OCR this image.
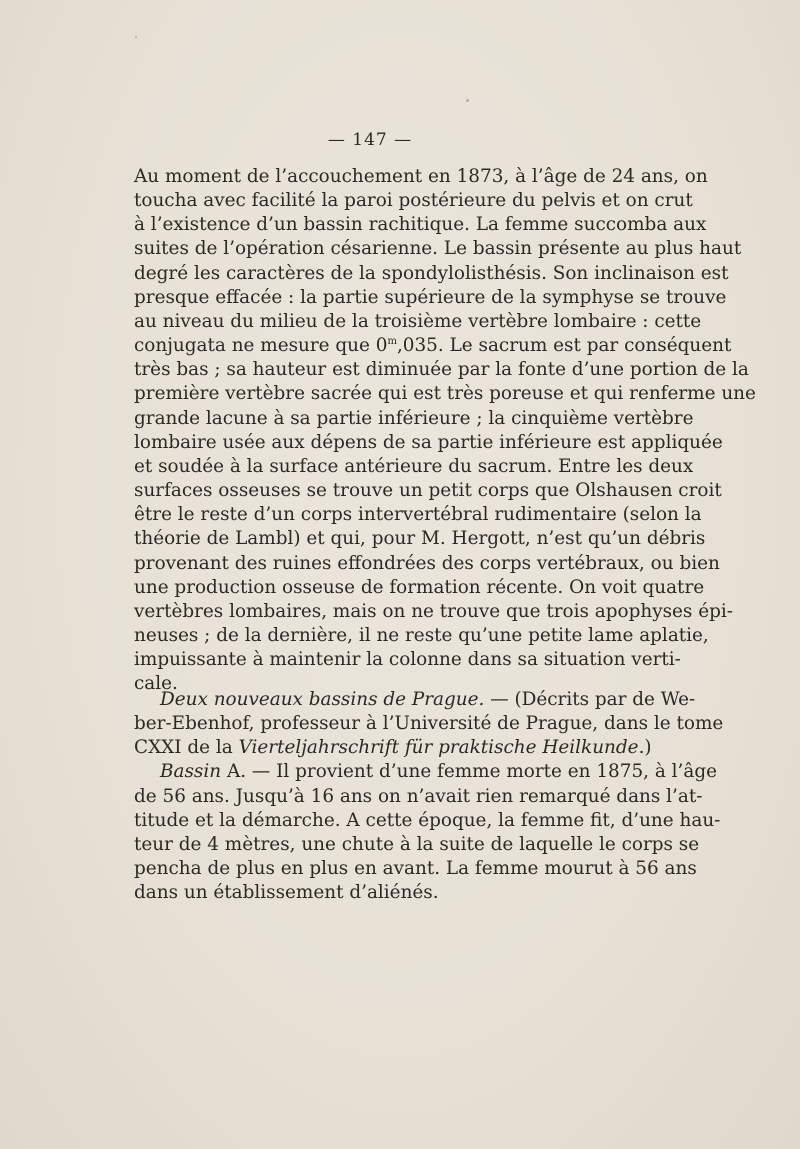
— 147 —
Au moment de l’accouchement en 1873, à l’âge de 24 ans, on
toucha avec facilité la paroi postérieure du pelvis et on crut
à l’existence d’un bassin rachitique. La femme succomba aux
suites de l’opération césarienne. Le bassin présente au plus haut
degré les caractères de la spondylolisthésis. Son inclinaison est
presque effacée : la partie supérieure de la symphyse se trouve
au niveau du milieu de la troisième vertèbre lombaire : cette
conjugata ne mesure que 0$^m$,035. Le sacrum est par conséquent
très bas ; sa hauteur est diminuée par la fonte d’une portion de la
première vertèbre sacrée qui est très poreuse et qui renferme une
grande lacune à sa partie inférieure ; la cinquième vertèbre
lombaire usée aux dépens de sa partie inférieure est appliquée
et soudée à la surface antérieure du sacrum. Entre les deux
surfaces osseuses se trouve un petit corps que Olshausen croit
être le reste d’un corps intervertébral rudimentaire (selon la
théorie de Lambl) et qui, pour M. Hergott, n’est qu’un débris
provenant des ruines effondrées des corps vertébraux, ou bien
une production osseuse de formation récente. On voit quatre
vertèbres lombaires, mais on ne trouve que trois apophyses épi-
neuses ; de la dernière, il ne reste qu’une petite lame aplatie,
impuissante à maintenir la colonne dans sa situation verti-
cale.
Deux nouveaux bassins de Prague. — (Décrits par de We-
ber-Ebenhof, professeur à l’Université de Prague, dans le tome
CXXI de la Vierteljahrschrift für praktische Heilkunde.)
Bassin A. — Il provient d’une femme morte en 1875, à l’âge
de 56 ans. Jusqu’à 16 ans on n’avait rien remarqué dans l’at-
titude et la démarche. A cette époque, la femme fit, d’une hau-
teur de 4 mètres, une chute à la suite de laquelle le corps se
pencha de plus en plus en avant. La femme mourut à 56 ans
dans un établissement d’aliénés.
